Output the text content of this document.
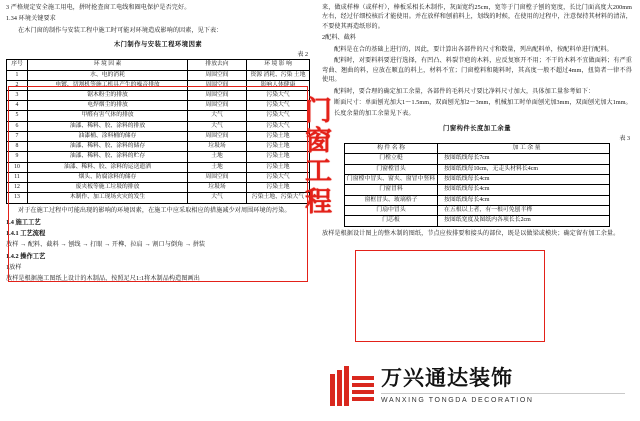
3 严格规定安全施工用电，拼时抢查窗工电线和圈电保护是否完好。

1.34 环境关键要求

在木门窗的制作与安装工程中施工时可能对环境造成影响的因素，见下表：

木门制作与安装工程环境因素
表 2
序号	环 境 因 素	排放去向	环 境 影 响
1	水、电的消耗	周围空间	资源 消耗、污染 土地
2	电镀、切割机等施工机具产生的噪音排放	周围空间	影响人体健康
3	锯木粉尘的排放	周围空间	污染大气
4	电焊烟尘的排放	周围空间	污染大气
5	甲醛有害气体的排放	大气	污染大气
6	油漆、稀料、胶、涂料的排放	大气	污染大气
7	油漆桶、涂料桶的储存	周围空间	污染土地
8	油漆、稀料、胶、涂料的储存	垃圾场	污染土地
9	油漆、稀料、胶、涂料的贮存	土地	污染土地
10	油漆、稀料、胶、涂料的运送遗洒	土地	污染土地
11	烟头、防腐涂料的储存	周围空间	污染大气
12	废夹板等施工垃圾的排放	垃圾场	污染土地
13	木制作、加工现场火灾的发生	大气	污染土地、污染大气

对于在施工过程中可能出现的影响的环境因素，在施工中应采取相应的措施减少对周围环境的污染。

1.4 施工工艺
1.4.1 工艺流程

放样 → 配料、截料 → 刨线 → 打眼 → 开榫、拉肩 → 割口与倒角 → 拼装

1.4.2 操作工艺

1放样

放样是根据施工图纸上设计的木制品，按照足尺1:1将木制品构造图画出

来，做成样棒（或样杆），棒板采相长木制作，灰面宽约25cm，宽等于门窗樘子刨的宽度，长比门面高度大200mm左右，经过仔细校核后才能使用。并在放样和刨前料上，划线的时候，在使用的过程中，注意保持其材料的清洁，不要使其再造纸形的。

2配料、截料

配料是在合的基础上进行的，因此，要计算出各部件的尺寸和数量，列出配料单，按配料单进行配料。

配料时，对要料料要进行选择，有凹凸、料裂节疤的木料，应反复察开不用；不干的木料不宜做面料；有严重弯曲、翘曲的料，应放在顺直的料上，材料不宜；门窗樘料和随料时，其高度一般不超过4mm，扭筒者一律不得使用。

配料时，要合理的确定加工余量，各部件的毛料尺寸要比净料尺寸加大，具体加工量参考如下：

断面尺寸：单面刨光加大1～1.5mm，双面刨光加2～3mm，机械加工时单面刨光加3mm，双面刨光加大1mm。

长度余量的加工余量见下表。

门窗构件长度加工余量
表 3
构 件 名 称	加 工 余 量
门樘立梃	按图纸线每长7cm
门窗樘冒头	按图纸线每10cm，无走头材料长4cm
门窗樘中冒头、窗夹、窗冒中竖料	按图纸线每长4cm
门窗冒料	按图纸线每长4cm
窗框冒头、玻璃格子	按图纸线每长4cm
门扇中冒头	在五根以上者，有一根可免刨半榫
门芯板	按图纸宽度及图纸内各项长长2cm

放样是根据设计图上的整木制的图纸，节点应按排要和接头的部位，既是以做梁或模块；确定留有加工余量。

门窗工程
万兴通达装饰
WANXING TONGDA DECORATION
